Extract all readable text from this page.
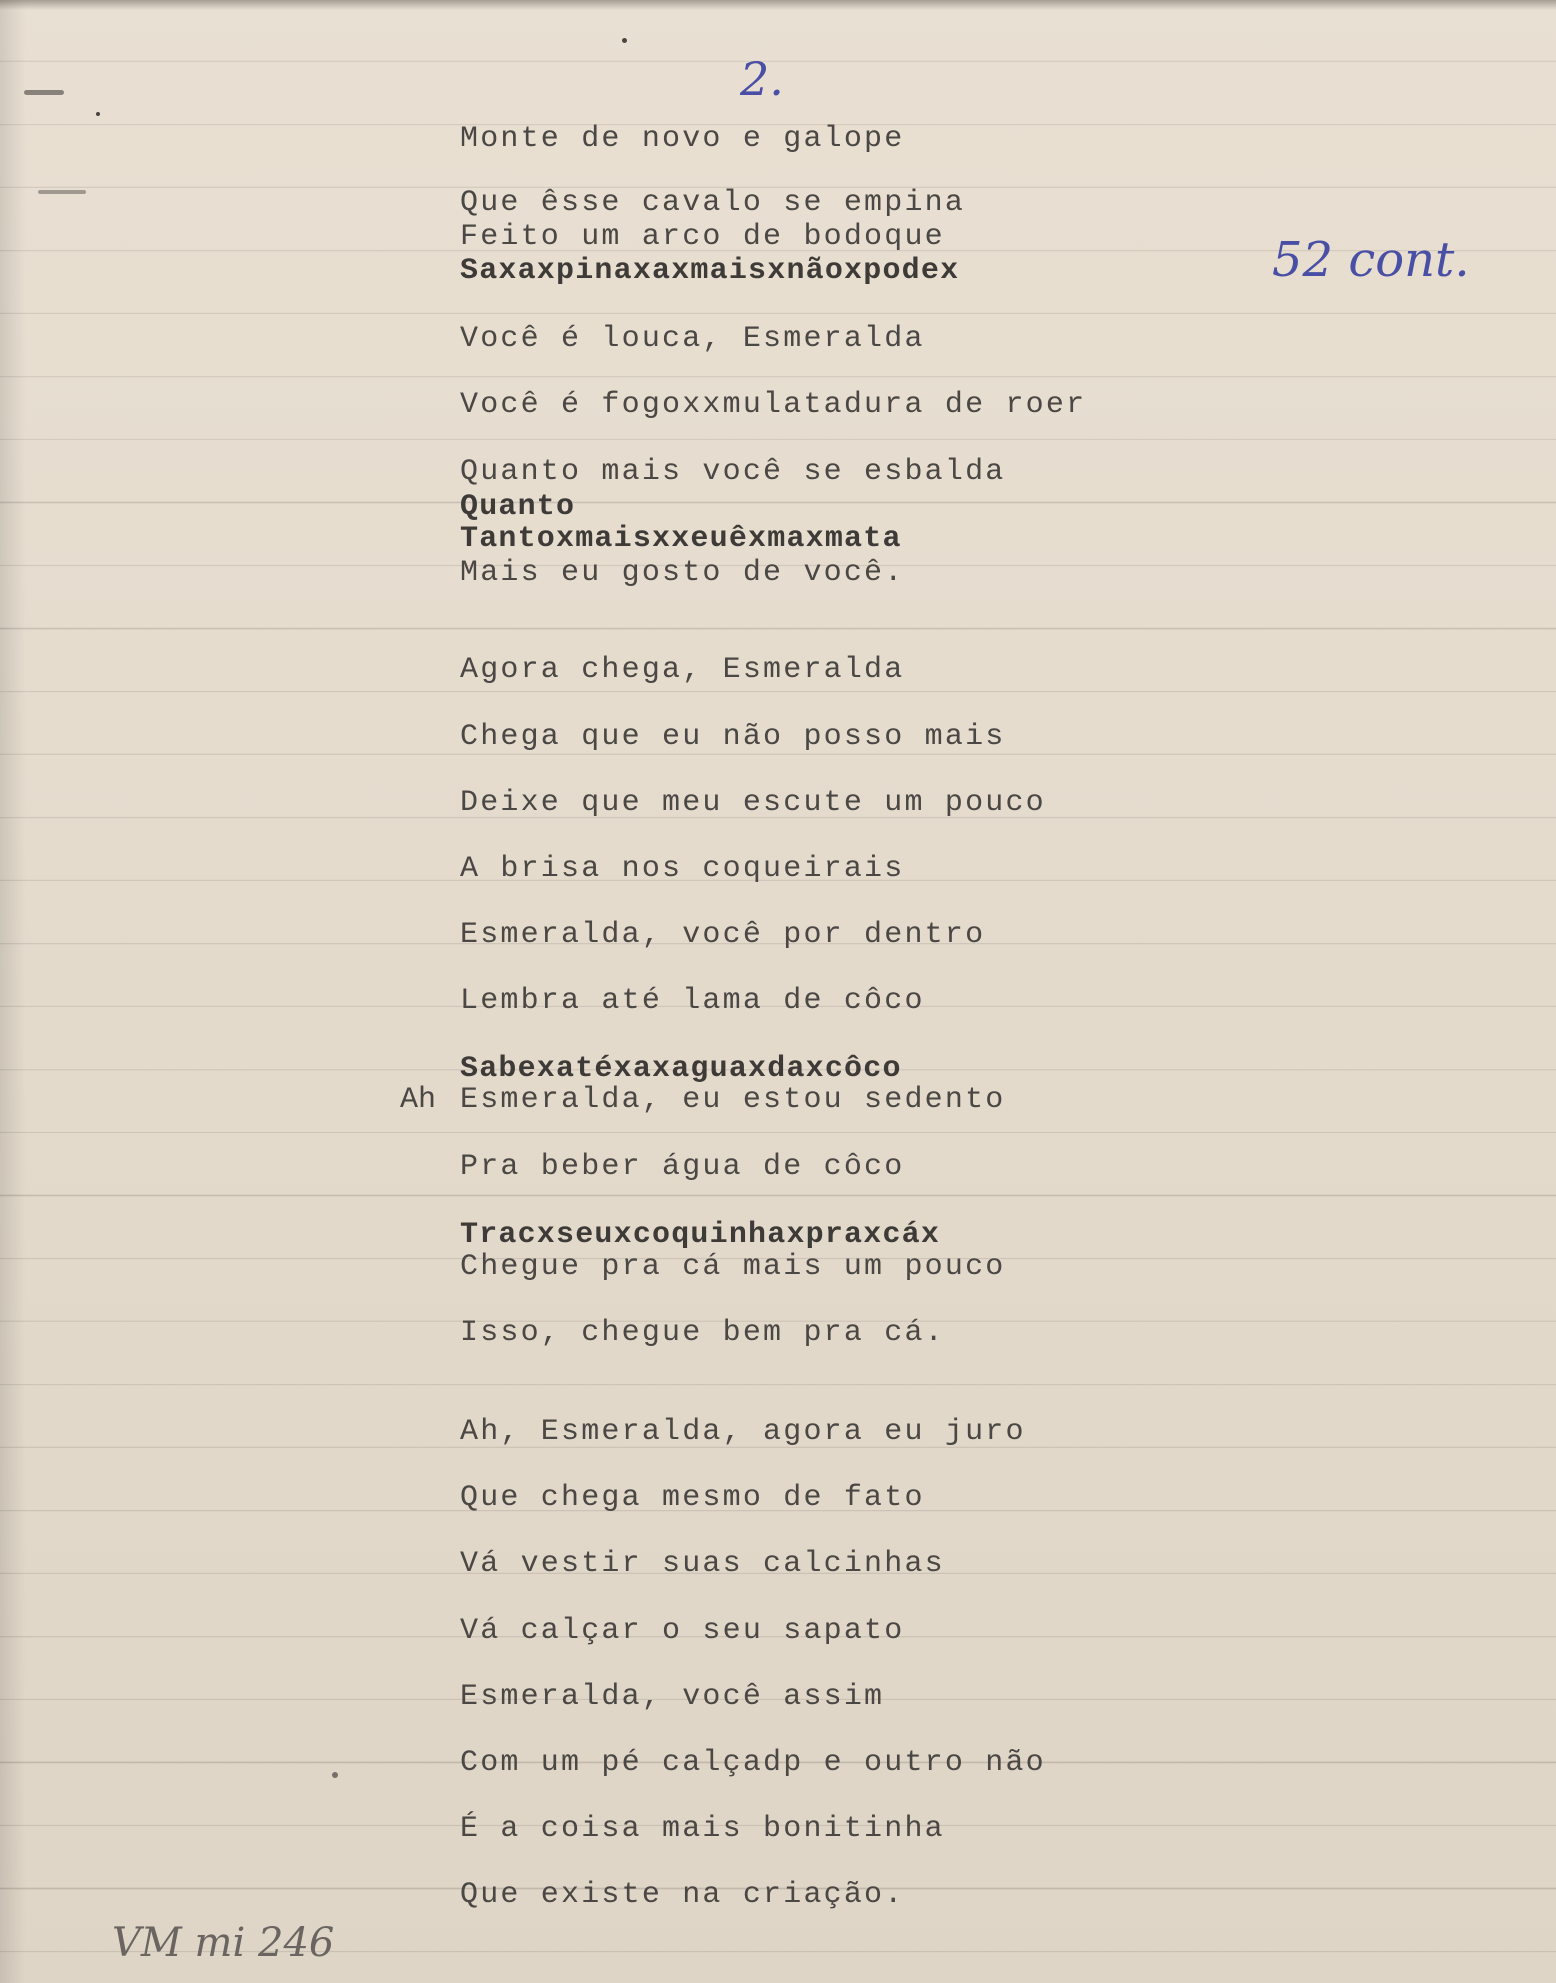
2.
52 cont.
VM mi 246
Monte de novo e galope
Que êsse cavalo se empina
Feito um arco de bodoque
Saxaxpinaxaxmaisxnãoxpodex
Você é louca, Esmeralda
Você é fogoxxmulatadura de roer
Quanto mais você se esbalda
Quanto
Tantoxmaisxxeuêxmaxmata
Mais eu gosto de você.
Agora chega, Esmeralda
Chega que eu não posso mais
Deixe que meu escute um pouco
A brisa nos coqueirais
Esmeralda, você por dentro
Lembra até lama de côco
Sabexatéxaxaguaxdaxcôco
Ah Esmeralda, eu estou sedento
Pra beber água de côco
Tracxseuxcoquinhaxpraxcáx
Chegue pra cá mais um pouco
Isso, chegue bem pra cá.
Ah, Esmeralda, agora eu juro
Que chega mesmo de fato
Vá vestir suas calcinhas
Vá calçar o seu sapato
Esmeralda, você assim
Com um pé calçadp e outro não
É a coisa mais bonitinha
Que existe na criação.
